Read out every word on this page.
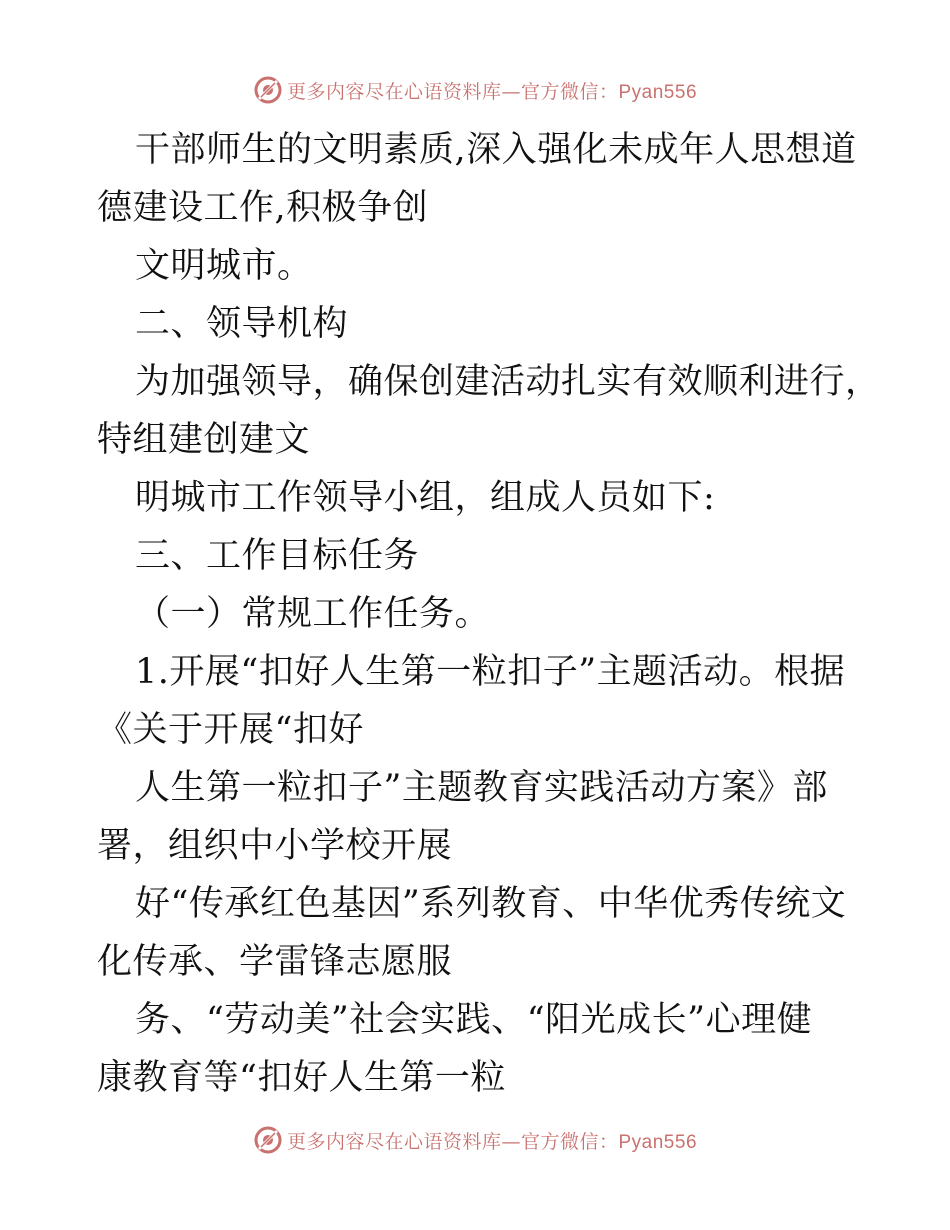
更多内容尽在心语资料库—官方微信：Pyan556
干部师生的文明素质,深入强化未成年人思想道
德建设工作,积极争创
文明城市。
二、领导机构
为加强领导，确保创建活动扎实有效顺利进行，
特组建创建文
明城市工作领导小组，组成人员如下:
三、工作目标任务
（一）常规工作任务。
1.开展“扣好人生第一粒扣子”主题活动。根据
《关于开展“扣好
人生第一粒扣子”主题教育实践活动方案》部
署，组织中小学校开展
好“传承红色基因”系列教育、中华优秀传统文
化传承、学雷锋志愿服
务、“劳动美”社会实践、“阳光成长”心理健
康教育等“扣好人生第一粒
更多内容尽在心语资料库—官方微信：Pyan556
